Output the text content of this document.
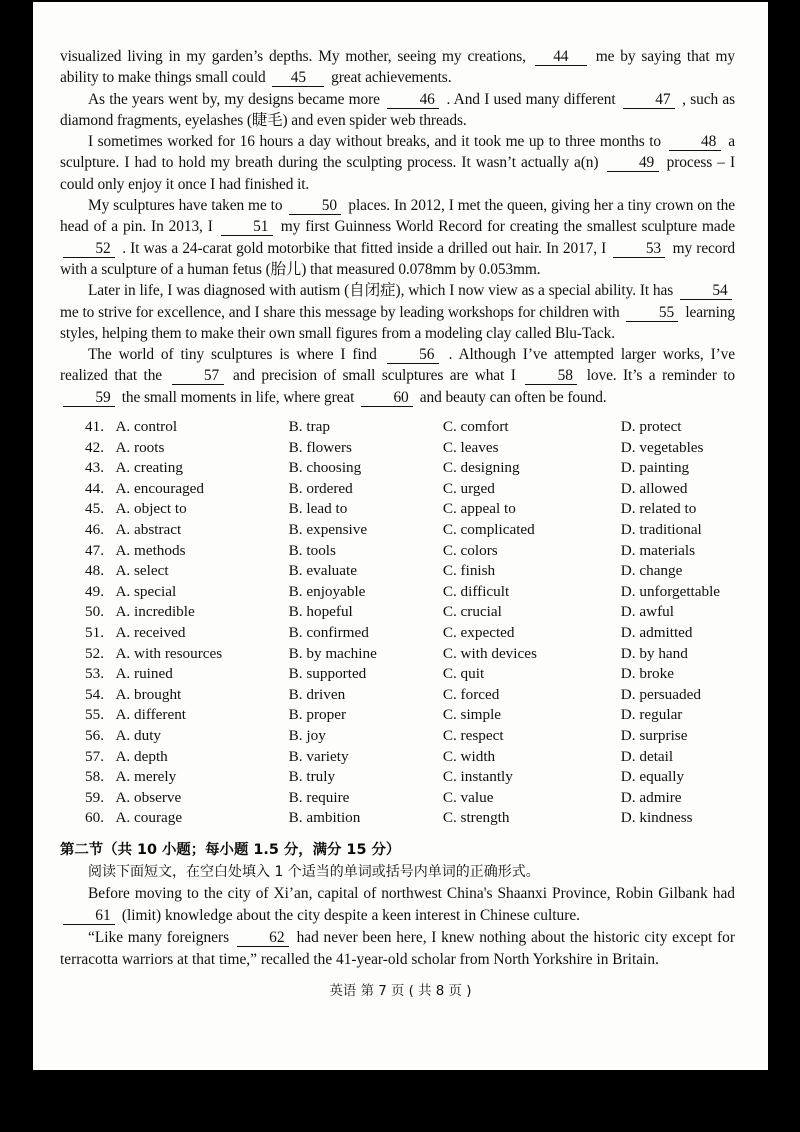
visualized living in my garden’s depths. My mother, seeing my creations, 44 me by saying that my ability to make things small could 45 great achievements.
As the years went by, my designs became more 46 . And I used many different 47 , such as diamond fragments, eyelashes (睫毛) and even spider web threads.
I sometimes worked for 16 hours a day without breaks, and it took me up to three months to 48 a sculpture. I had to hold my breath during the sculpting process. It wasn’t actually a(n) 49 process – I could only enjoy it once I had finished it.
My sculptures have taken me to 50 places. In 2012, I met the queen, giving her a tiny crown on the head of a pin. In 2013, I 51 my first Guinness World Record for creating the smallest sculpture made 52 . It was a 24-carat gold motorbike that fitted inside a drilled out hair. In 2017, I 53 my record with a sculpture of a human fetus (胎儿) that measured 0.078mm by 0.053mm.
Later in life, I was diagnosed with autism (自闭症), which I now view as a special ability. It has 54 me to strive for excellence, and I share this message by leading workshops for children with 55 learning styles, helping them to make their own small figures from a modeling clay called Blu-Tack.
The world of tiny sculptures is where I find 56 . Although I’ve attempted larger works, I’ve realized that the 57 and precision of small sculptures are what I 58 love. It’s a reminder to 59 the small moments in life, where great 60 and beauty can often be found.
41. A. control	B. trap	C. comfort	D. protect
42. A. roots	B. flowers	C. leaves	D. vegetables
43. A. creating	B. choosing	C. designing	D. painting
44. A. encouraged	B. ordered	C. urged	D. allowed
45. A. object to	B. lead to	C. appeal to	D. related to
46. A. abstract	B. expensive	C. complicated	D. traditional
47. A. methods	B. tools	C. colors	D. materials
48. A. select	B. evaluate	C. finish	D. change
49. A. special	B. enjoyable	C. difficult	D. unforgettable
50. A. incredible	B. hopeful	C. crucial	D. awful
51. A. received	B. confirmed	C. expected	D. admitted
52. A. with resources	B. by machine	C. with devices	D. by hand
53. A. ruined	B. supported	C. quit	D. broke
54. A. brought	B. driven	C. forced	D. persuaded
55. A. different	B. proper	C. simple	D. regular
56. A. duty	B. joy	C. respect	D. surprise
57. A. depth	B. variety	C. width	D. detail
58. A. merely	B. truly	C. instantly	D. equally
59. A. observe	B. require	C. value	D. admire
60. A. courage	B. ambition	C. strength	D. kindness
第二节（共 10 小题；每小题 1.5 分，满分 15 分）
阅读下面短文，在空白处填入 1 个适当的单词或括号内单词的正确形式。
Before moving to the city of Xi’an, capital of northwest China's Shaanxi Province, Robin Gilbank had 61 (limit) knowledge about the city despite a keen interest in Chinese culture.
“Like many foreigners 62 had never been here, I knew nothing about the historic city except for terracotta warriors at that time,” recalled the 41-year-old scholar from North Yorkshire in Britain.
英语 第 7 页 ( 共 8 页 )
